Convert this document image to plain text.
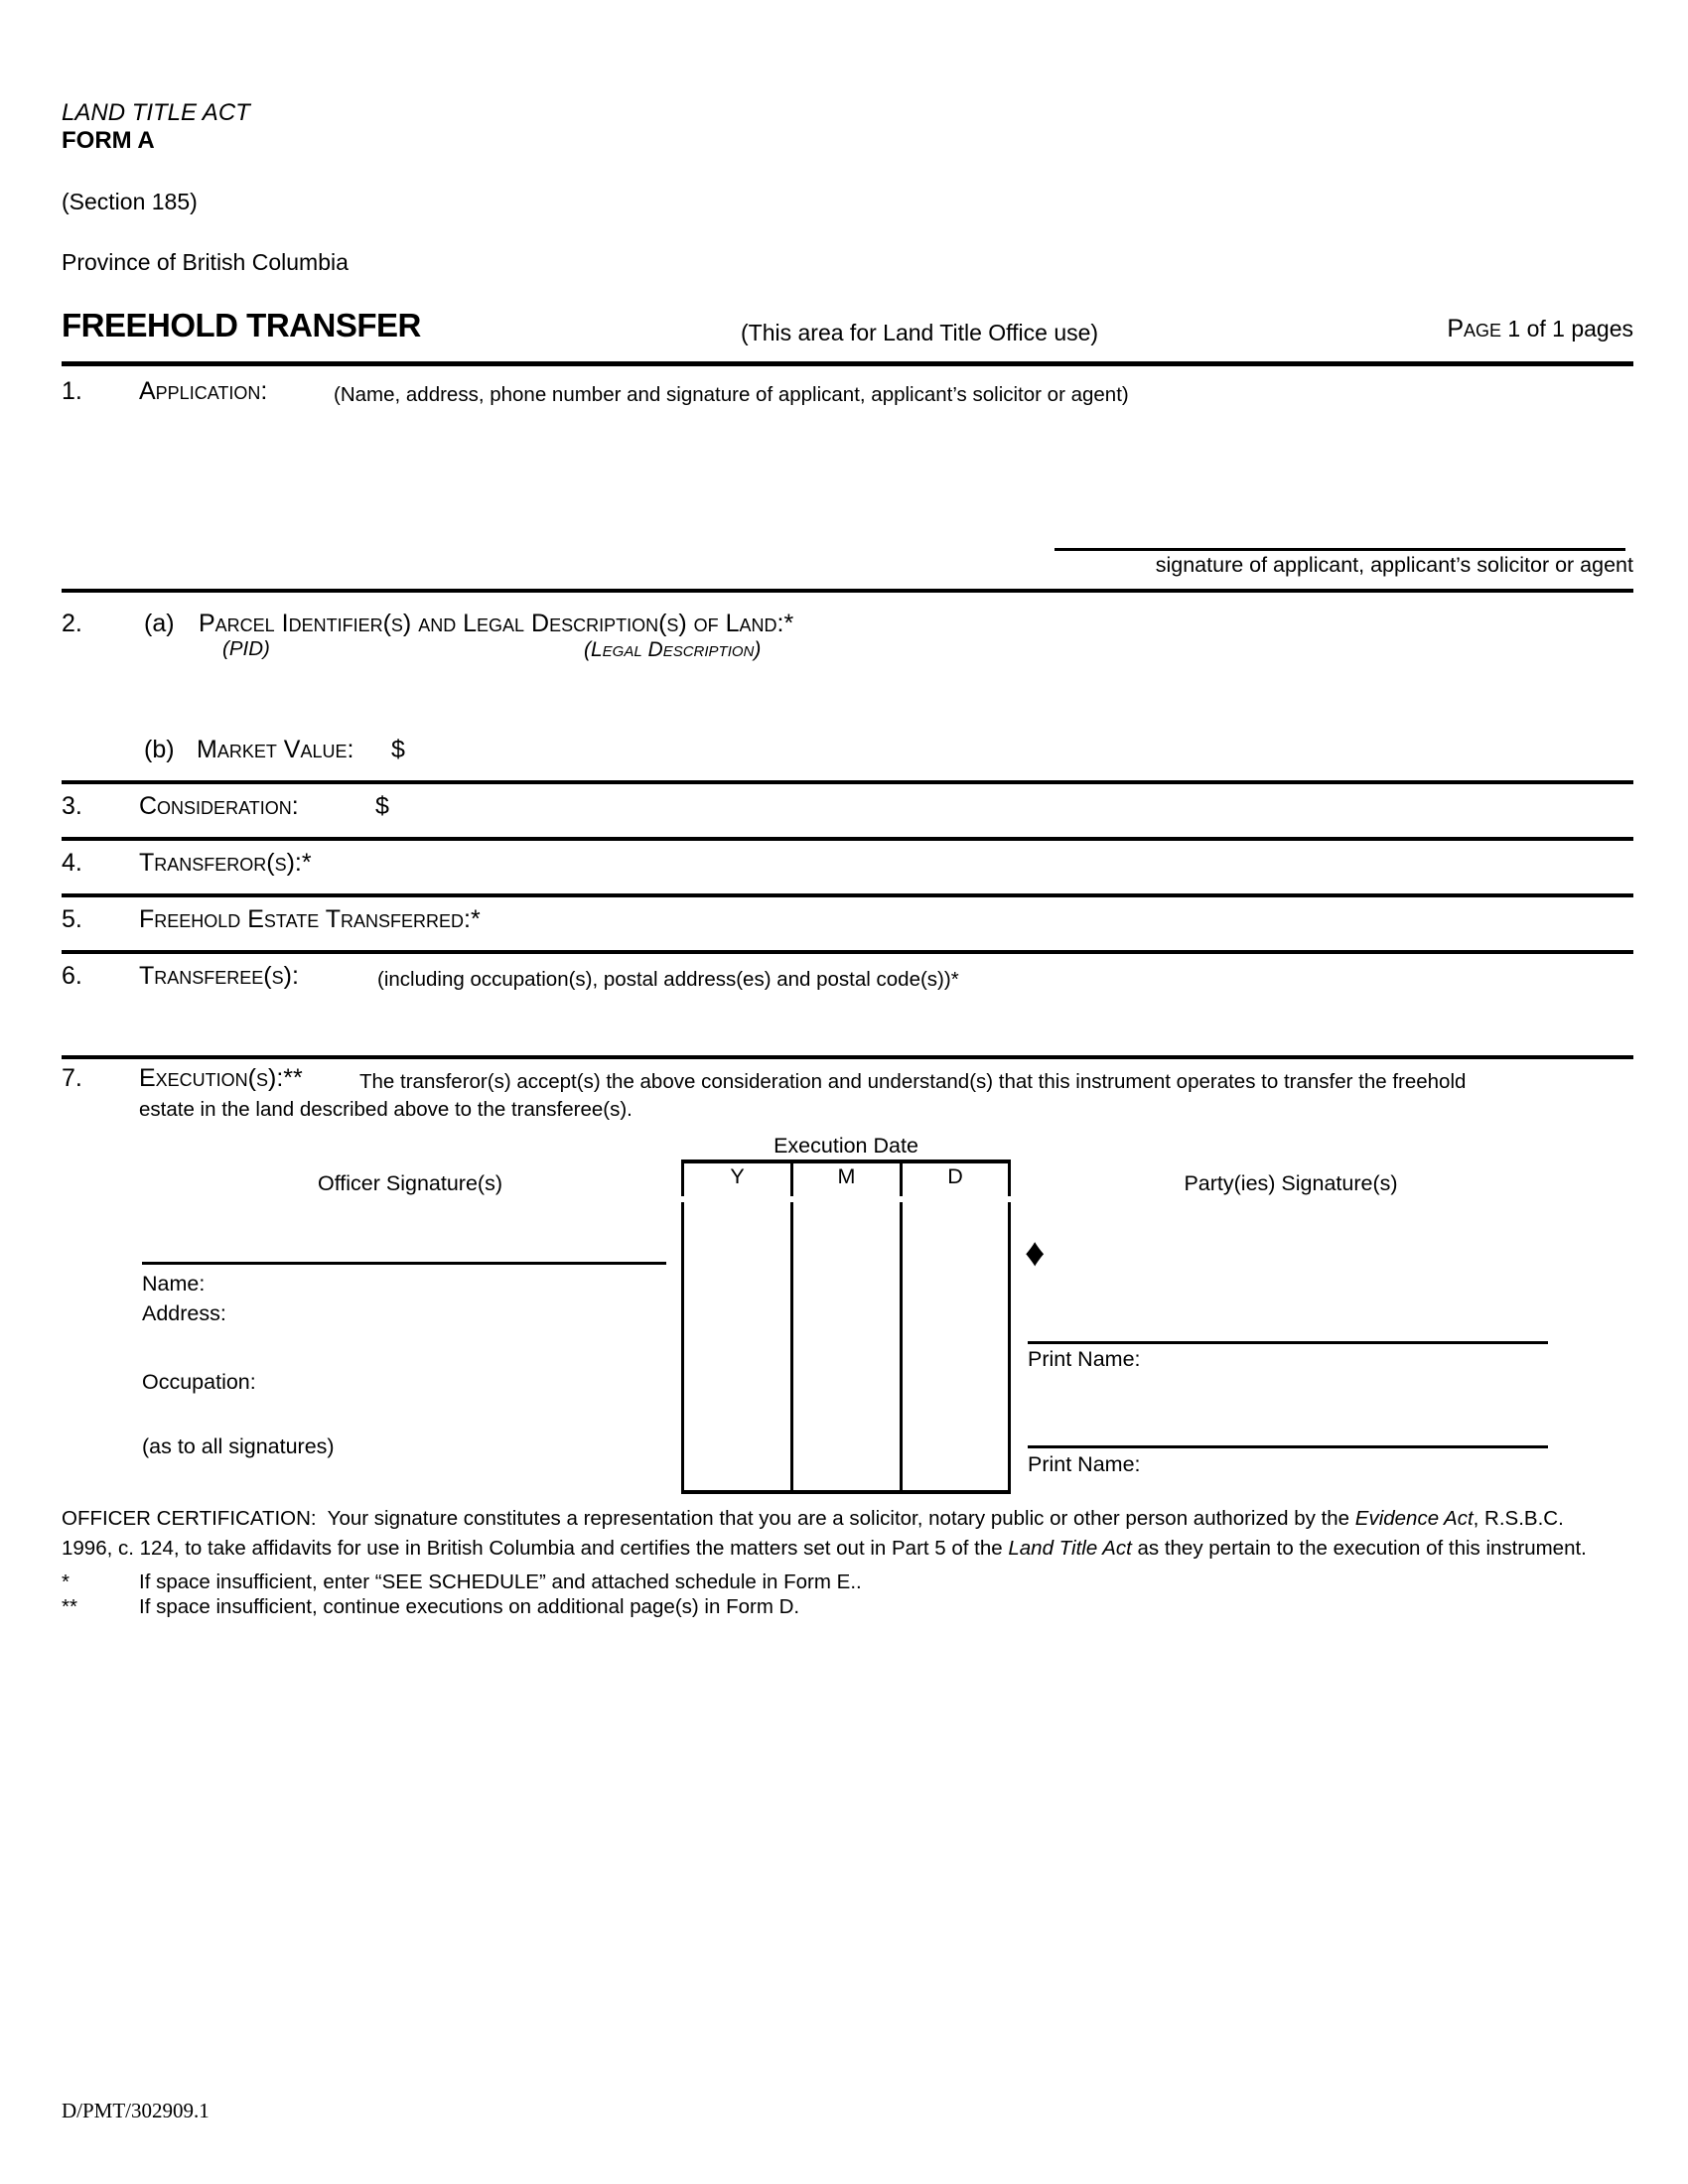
LAND TITLE ACT
FORM A
(Section 185)
Province of British Columbia
FREEHOLD TRANSFER	(This area for Land Title Office use)	Page 1 of 1 pages
1. Application:	(Name, address, phone number and signature of applicant, applicant’s solicitor or agent)
signature of applicant, applicant’s solicitor or agent
2. (a) Parcel Identifier(s) and Legal Description(s) of Land:*
(PID)	(Legal Description)
(b) Market Value: $
3. Consideration:	$
4. Transferor(s):*
5. Freehold Estate Transferred:*
6. Transferee(s):	(including occupation(s), postal address(es) and postal code(s))*
7. Execution(s):**	The transferor(s) accept(s) the above consideration and understand(s) that this instrument operates to transfer the freehold
estate in the land described above to the transferee(s).
Execution Date
Y	M	D
Officer Signature(s)
Name:
Address:
Occupation:
(as to all signatures)
Party(ies) Signature(s)
♦
Print Name:
Print Name:
OFFICER CERTIFICATION:  Your signature constitutes a representation that you are a solicitor, notary public or other person authorized by the Evidence Act, R.S.B.C.
1996, c. 124, to take affidavits for use in British Columbia and certifies the matters set out in Part 5 of the Land Title Act as they pertain to the execution of this instrument.
*	If space insufficient, enter “SEE SCHEDULE” and attached schedule in Form E..
**	If space insufficient, continue executions on additional page(s) in Form D.
D/PMT/302909.1
